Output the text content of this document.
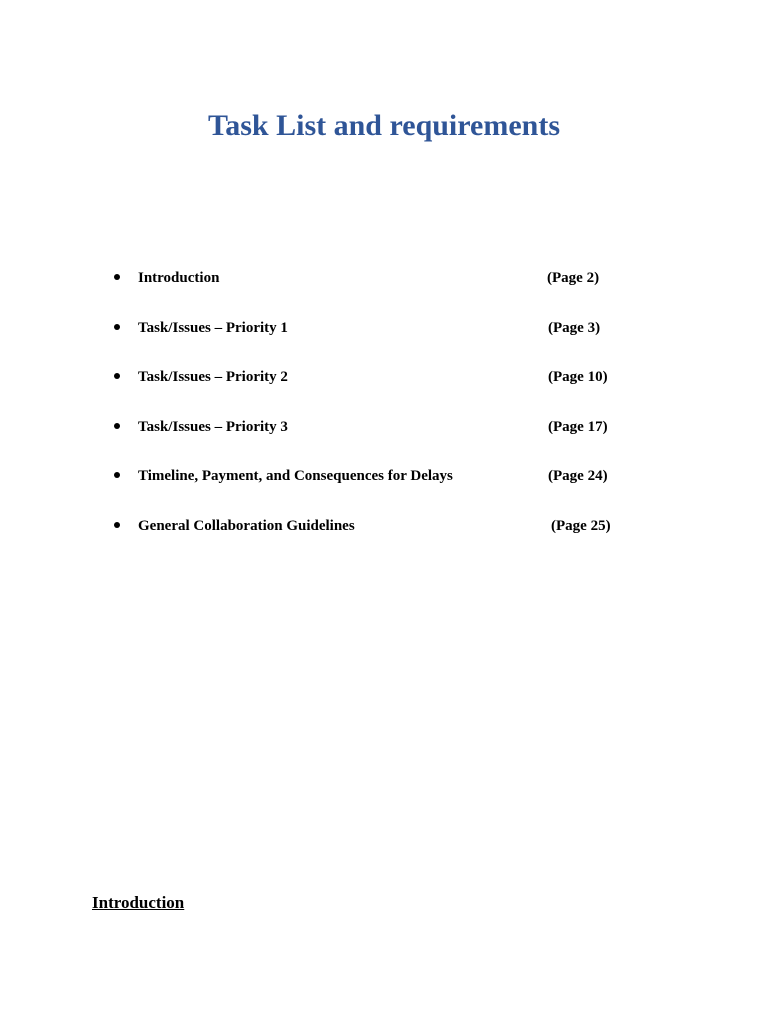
Task List and requirements
Introduction	(Page 2)
Task/Issues – Priority 1	(Page 3)
Task/Issues – Priority 2	(Page 10)
Task/Issues – Priority 3	(Page 17)
Timeline, Payment, and Consequences for Delays	(Page 24)
General Collaboration Guidelines	(Page 25)
Introduction
